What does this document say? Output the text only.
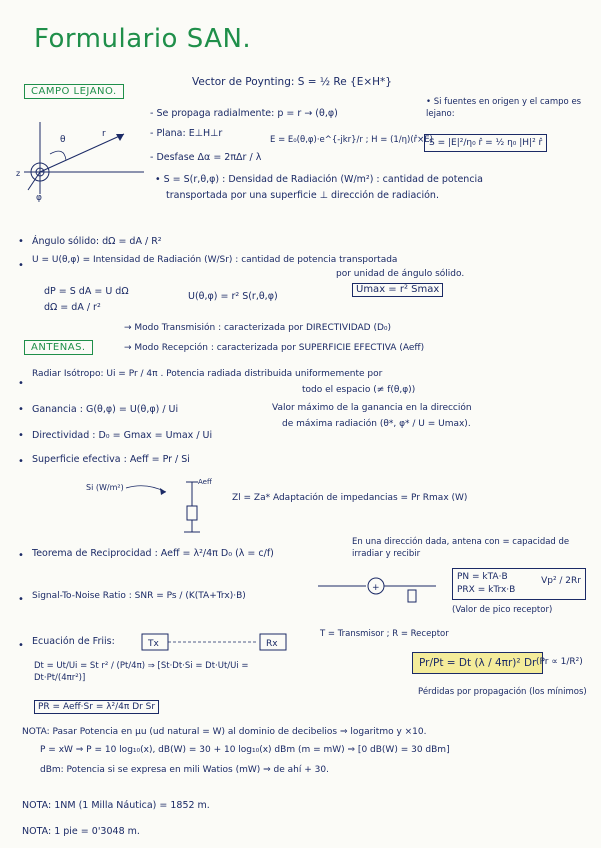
Formulario SAN.
CAMPO LEJANO.
Vector de Poynting: S = ½ Re {E×H*}
θ
r
φ
z
- Se propaga radialmente: p = r → (θ,φ)
- Plana: E⊥H⊥r
- Desfase Δα = 2πΔr / λ
E = E₀(θ,φ)·e^{-jkr}/r ; H = (1/η)(r̂×E)
• Si fuentes en origen y el campo es lejano:
S = |E|²/η₀ r̂ = ½ η₀ |H|² r̂
• S = S(r,θ,φ) : Densidad de Radiación (W/m²) : cantidad de potencia
transportada por una superficie ⊥ dirección de radiación.
• Ángulo sólido: dΩ = dA / R²
• U = U(θ,φ) = Intensidad de Radiación (W/Sr) : cantidad de potencia transportada
por unidad de ángulo sólido.
dP = S dA = U dΩ
dΩ = dA / r²
U(θ,φ) = r² S(r,θ,φ)
Umax = r² Smax
ANTENAS.
→ Modo Transmisión : caracterizada por DIRECTIVIDAD (D₀)
→ Modo Recepción : caracterizada por SUPERFICIE EFECTIVA (Aeff)
•
Radiar Isótropo: Ui = Pr / 4π . Potencia radiada distribuida uniformemente por
todo el espacio (≠ f(θ,φ))
• Ganancia : G(θ,φ) = U(θ,φ) / Ui
• Directividad : D₀ = Gmax = Umax / Ui
Valor máximo de la ganancia en la dirección
de máxima radiación (θ*, φ* / U = Umax).
• Superficie efectiva : Aeff = Pr / Si
Si (W/m²)
Aeff
Zl = Za* Adaptación de impedancias = Pr Rmax (W)
• Teorema de Reciprocidad : Aeff = λ²/4π D₀ (λ = c/f)
En una dirección dada, antena con = capacidad de irradiar y recibir
• Signal-To-Noise Ratio : SNR = Ps / (K(TA+Trx)·B)
+
PN = kTA·B
PRX = kTrx·B
Vp² / 2Rr
(Valor de pico receptor)
• Ecuación de Friis:	Tx	Rx
T = Transmisor ; R = Receptor
Dt = Ut/Ui = St r² / (Pt/4π) ⇒ [St·Dt·Si = Dt·Ut/Ui = Dt·Pt/(4πr²)]
PR = Aeff·Sr = λ²/4π Dr Sr
Pr/Pt = Dt (λ / 4πr)² Dr (Pr ∝ 1/R²)
Pérdidas por propagación (los mínimos)
NOTA: Pasar Potencia en μu (ud natural = W) al dominio de decibelios ⇒ logaritmo y ×10.
P = xW ⇒ P = 10 log₁₀(x), dB(W) = 30 + 10 log₁₀(x) dBm (m = mW) ⇒ [0 dB(W) = 30 dBm]
dBm: Potencia si se expresa en mili Watios (mW) ⇒ de ahí + 30.
NOTA: 1NM (1 Milla Náutica) = 1852 m.
NOTA: 1 pie = 0'3048 m.
